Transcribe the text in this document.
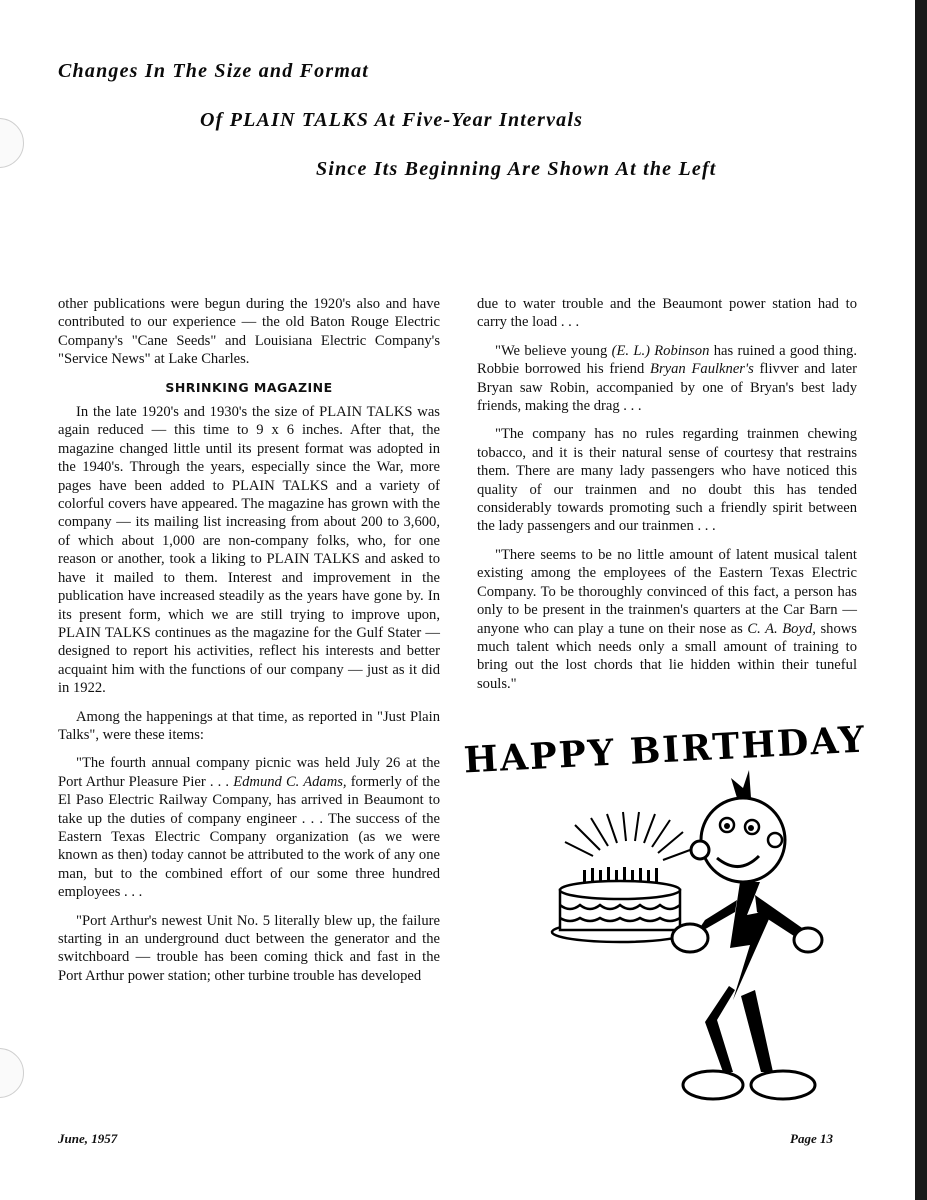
Changes In The Size and Format
Of PLAIN TALKS At Five-Year Intervals
Since Its Beginning Are Shown At the Left

other publications were begun during the 1920's also and have contributed to our experience — the old Baton Rouge Electric Company's "Cane Seeds" and Louisiana Electric Company's "Service News" at Lake Charles.

SHRINKING MAGAZINE

In the late 1920's and 1930's the size of PLAIN TALKS was again reduced — this time to 9 x 6 inches. After that, the magazine changed little until its present format was adopted in the 1940's. Through the years, especially since the War, more pages have been added to PLAIN TALKS and a variety of colorful covers have appeared. The magazine has grown with the company — its mailing list increasing from about 200 to 3,600, of which about 1,000 are non-company folks, who, for one reason or another, took a liking to PLAIN TALKS and asked to have it mailed to them. Interest and improvement in the publication have increased steadily as the years have gone by. In its present form, which we are still trying to improve upon, PLAIN TALKS continues as the magazine for the Gulf Stater — designed to report his activities, reflect his interests and better acquaint him with the functions of our company — just as it did in 1922.

Among the happenings at that time, as reported in "Just Plain Talks", were these items:

"The fourth annual company picnic was held July 26 at the Port Arthur Pleasure Pier . . . Edmund C. Adams, formerly of the El Paso Electric Railway Company, has arrived in Beaumont to take up the duties of company engineer . . . The success of the Eastern Texas Electric Company organization (as we were known as then) today cannot be attributed to the work of any one man, but to the combined effort of our some three hundred employees . . .

"Port Arthur's newest Unit No. 5 literally blew up, the failure starting in an underground duct between the generator and the switchboard — trouble has been coming thick and fast in the Port Arthur power station; other turbine trouble has developed

due to water trouble and the Beaumont power station had to carry the load . . .

"We believe young (E. L.) Robinson has ruined a good thing. Robbie borrowed his friend Bryan Faulkner's flivver and later Bryan saw Robin, accompanied by one of Bryan's best lady friends, making the drag . . .

"The company has no rules regarding trainmen chewing tobacco, and it is their natural sense of courtesy that restrains them. There are many lady passengers who have noticed this quality of our trainmen and no doubt this has tended considerably towards promoting such a friendly spirit between the lady passengers and our trainmen . . .

"There seems to be no little amount of latent musical talent existing among the employees of the Eastern Texas Electric Company. To be thoroughly convinced of this fact, a person has only to be present in the trainmen's quarters at the Car Barn — anyone who can play a tune on their nose as C. A. Boyd, shows much talent which needs only a small amount of training to bring out the lost chords that lie hidden within their tuneful souls."

HAPPY BIRTHDAY
June, 1957	Page 13
